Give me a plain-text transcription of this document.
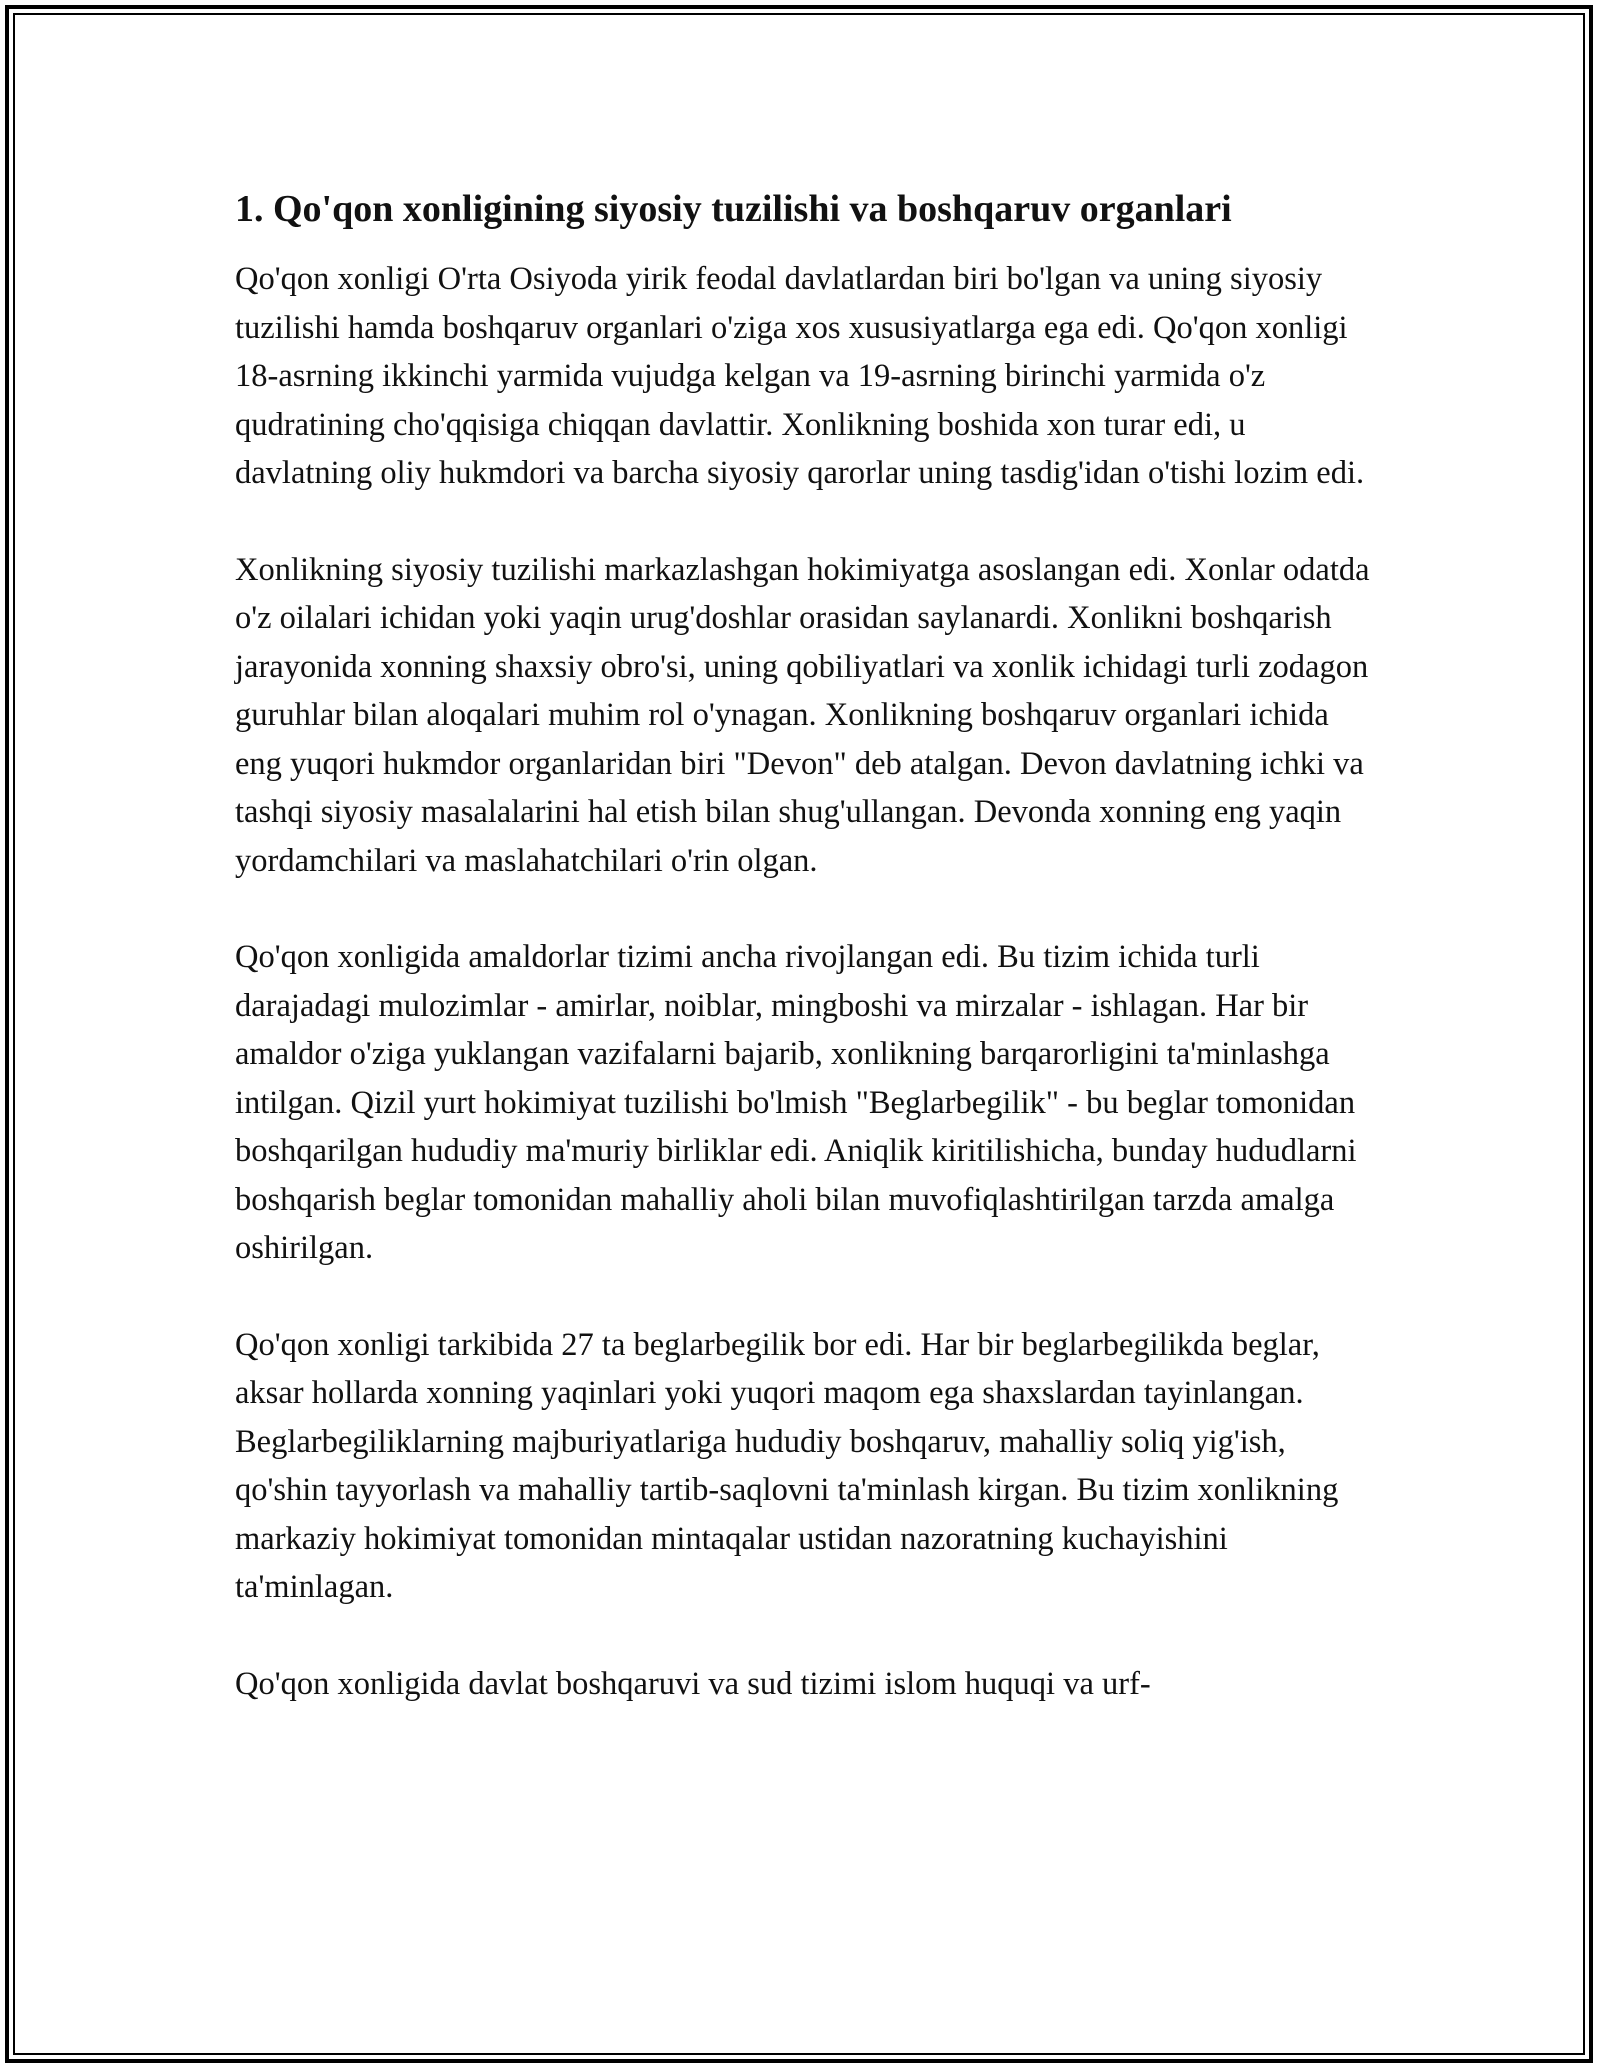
1. Qo'qon xonligining siyosiy tuzilishi va boshqaruv organlari

Qo'qon xonligi O'rta Osiyoda yirik feodal davlatlardan biri bo'lgan va uning siyosiy tuzilishi hamda boshqaruv organlari o'ziga xos xususiyatlarga ega edi. Qo'qon xonligi 18-asrning ikkinchi yarmida vujudga kelgan va 19-asrning birinchi yarmida o'z qudratining cho'qqisiga chiqqan davlattir. Xonlikning boshida xon turar edi, u davlatning oliy hukmdori va barcha siyosiy qarorlar uning tasdig'idan o'tishi lozim edi.

Xonlikning siyosiy tuzilishi markazlashgan hokimiyatga asoslangan edi. Xonlar odatda o'z oilalari ichidan yoki yaqin urug'doshlar orasidan saylanardi. Xonlikni boshqarish jarayonida xonning shaxsiy obro'si, uning qobiliyatlari va xonlik ichidagi turli zodagon guruhlar bilan aloqalari muhim rol o'ynagan. Xonlikning boshqaruv organlari ichida eng yuqori hukmdor organlaridan biri "Devon" deb atalgan. Devon davlatning ichki va tashqi siyosiy masalalarini hal etish bilan shug'ullangan. Devonda xonning eng yaqin yordamchilari va maslahatchilari o'rin olgan.

Qo'qon xonligida amaldorlar tizimi ancha rivojlangan edi. Bu tizim ichida turli darajadagi mulozimlar - amirlar, noiblar, mingboshi va mirzalar - ishlagan. Har bir amaldor o'ziga yuklangan vazifalarni bajarib, xonlikning barqarorligini ta'minlashga intilgan. Qizil yurt hokimiyat tuzilishi bo'lmish "Beglarbegilik" - bu beglar tomonidan boshqarilgan hududiy ma'muriy birliklar edi. Aniqlik kiritilishicha, bunday hududlarni boshqarish beglar tomonidan mahalliy aholi bilan muvofiqlashtirilgan tarzda amalga oshirilgan.

Qo'qon xonligi tarkibida 27 ta beglarbegilik bor edi. Har bir beglarbegilikda beglar, aksar hollarda xonning yaqinlari yoki yuqori maqom ega shaxslardan tayinlangan. Beglarbegiliklarning majburiyatlariga hududiy boshqaruv, mahalliy soliq yig'ish, qo'shin tayyorlash va mahalliy tartib-saqlovni ta'minlash kirgan. Bu tizim xonlikning markaziy hokimiyat tomonidan mintaqalar ustidan nazoratning kuchayishini ta'minlagan.

Qo'qon xonligida davlat boshqaruvi va sud tizimi islom huquqi va urf-
